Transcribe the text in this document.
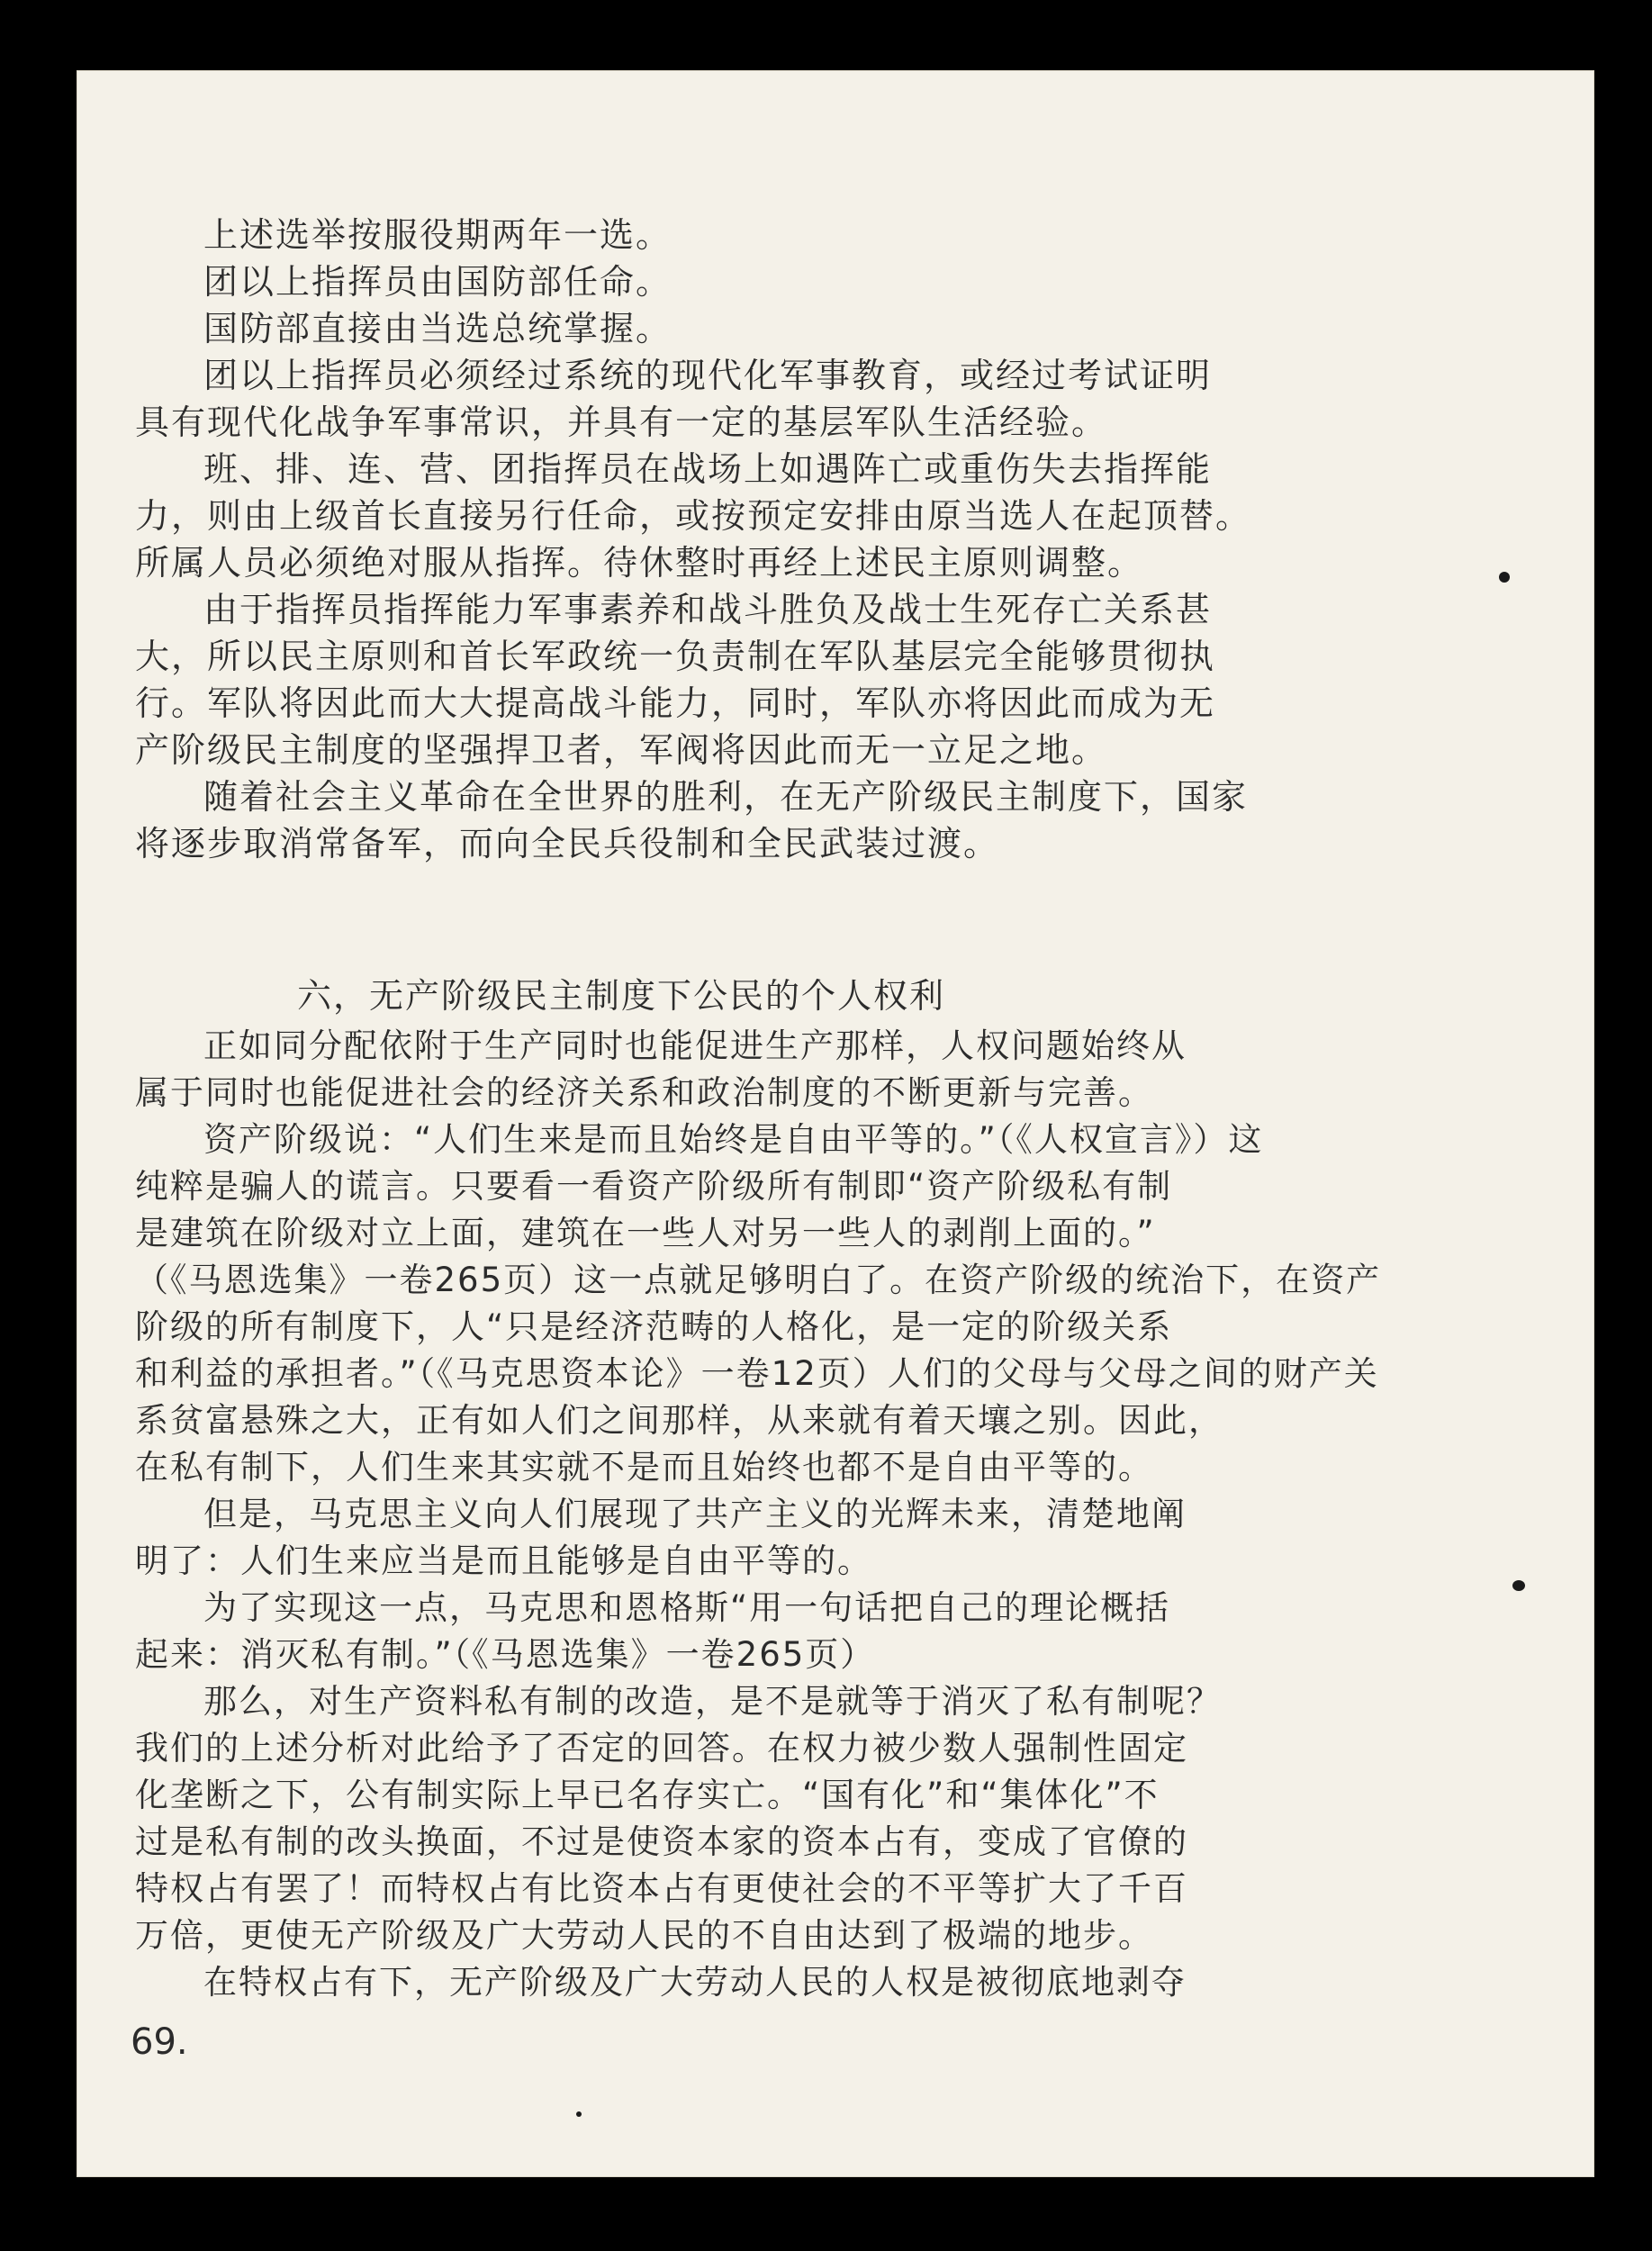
上述选举按服役期两年一选。
团以上指挥员由国防部任命。
国防部直接由当选总统掌握。
团以上指挥员必须经过系统的现代化军事教育，或经过考试证明
具有现代化战争军事常识，并具有一定的基层军队生活经验。
班、排、连、营、团指挥员在战场上如遇阵亡或重伤失去指挥能
力，则由上级首长直接另行任命，或按预定安排由原当选人在起顶替。
所属人员必须绝对服从指挥。待休整时再经上述民主原则调整。
由于指挥员指挥能力军事素养和战斗胜负及战士生死存亡关系甚
大，所以民主原则和首长军政统一负责制在军队基层完全能够贯彻执
行。军队将因此而大大提高战斗能力，同时，军队亦将因此而成为无
产阶级民主制度的坚强捍卫者，军阀将因此而无一立足之地。
随着社会主义革命在全世界的胜利，在无产阶级民主制度下，国家
将逐步取消常备军，而向全民兵役制和全民武装过渡。
六，无产阶级民主制度下公民的个人权利
正如同分配依附于生产同时也能促进生产那样，人权问题始终从
属于同时也能促进社会的经济关系和政治制度的不断更新与完善。
资产阶级说：“人们生来是而且始终是自由平等的。”（《人权宣言》）这
纯粹是骗人的谎言。只要看一看资产阶级所有制即“资产阶级私有制
是建筑在阶级对立上面，建筑在一些人对另一些人的剥削上面的。”
（《马恩选集》一卷265页）这一点就足够明白了。在资产阶级的统治下，在资产
阶级的所有制度下，人“只是经济范畴的人格化，是一定的阶级关系
和利益的承担者。”（《马克思资本论》一卷12页）人们的父母与父母之间的财产关
系贫富悬殊之大，正有如人们之间那样，从来就有着天壤之别。因此，
在私有制下，人们生来其实就不是而且始终也都不是自由平等的。
但是，马克思主义向人们展现了共产主义的光辉未来，清楚地阐
明了：人们生来应当是而且能够是自由平等的。
为了实现这一点，马克思和恩格斯“用一句话把自己的理论概括
起来：消灭私有制。”（《马恩选集》一卷265页）
那么，对生产资料私有制的改造，是不是就等于消灭了私有制呢？
我们的上述分析对此给予了否定的回答。在权力被少数人强制性固定
化垄断之下，公有制实际上早已名存实亡。“国有化”和“集体化”不
过是私有制的改头换面，不过是使资本家的资本占有，变成了官僚的
特权占有罢了！而特权占有比资本占有更使社会的不平等扩大了千百
万倍，更使无产阶级及广大劳动人民的不自由达到了极端的地步。
在特权占有下，无产阶级及广大劳动人民的人权是被彻底地剥夺
69.
